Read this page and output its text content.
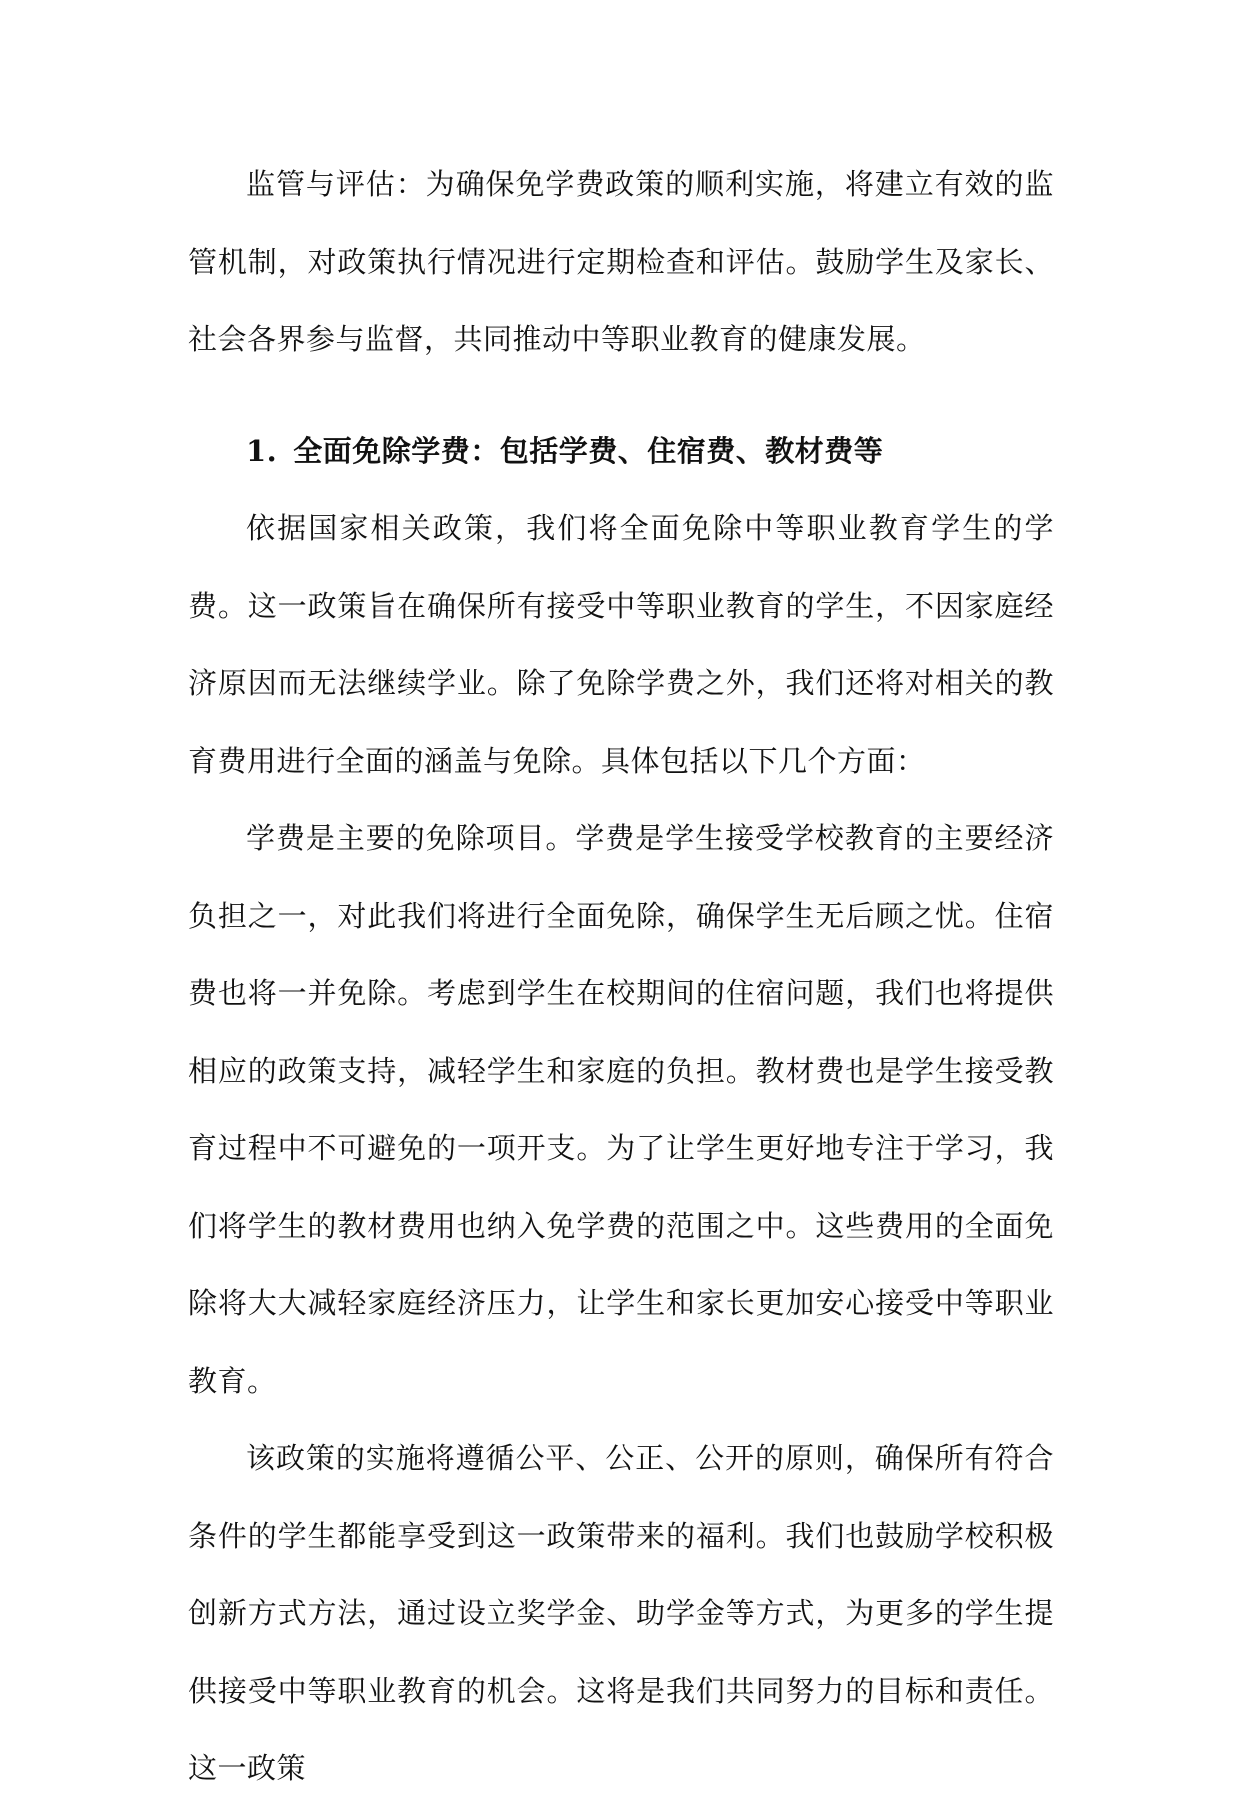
监管与评估：为确保免学费政策的顺利实施，将建立有效的监管机制，对政策执行情况进行定期检查和评估。鼓励学生及家长、社会各界参与监督，共同推动中等职业教育的健康发展。

1. 全面免除学费：包括学费、住宿费、教材费等

依据国家相关政策，我们将全面免除中等职业教育学生的学费。这一政策旨在确保所有接受中等职业教育的学生，不因家庭经济原因而无法继续学业。除了免除学费之外，我们还将对相关的教育费用进行全面的涵盖与免除。具体包括以下几个方面：

学费是主要的免除项目。学费是学生接受学校教育的主要经济负担之一，对此我们将进行全面免除，确保学生无后顾之忧。住宿费也将一并免除。考虑到学生在校期间的住宿问题，我们也将提供相应的政策支持，减轻学生和家庭的负担。教材费也是学生接受教育过程中不可避免的一项开支。为了让学生更好地专注于学习，我们将学生的教材费用也纳入免学费的范围之中。这些费用的全面免除将大大减轻家庭经济压力，让学生和家长更加安心接受中等职业教育。

该政策的实施将遵循公平、公正、公开的原则，确保所有符合条件的学生都能享受到这一政策带来的福利。我们也鼓励学校积极创新方式方法，通过设立奖学金、助学金等方式，为更多的学生提供接受中等职业教育的机会。这将是我们共同努力的目标和责任。这一政策
